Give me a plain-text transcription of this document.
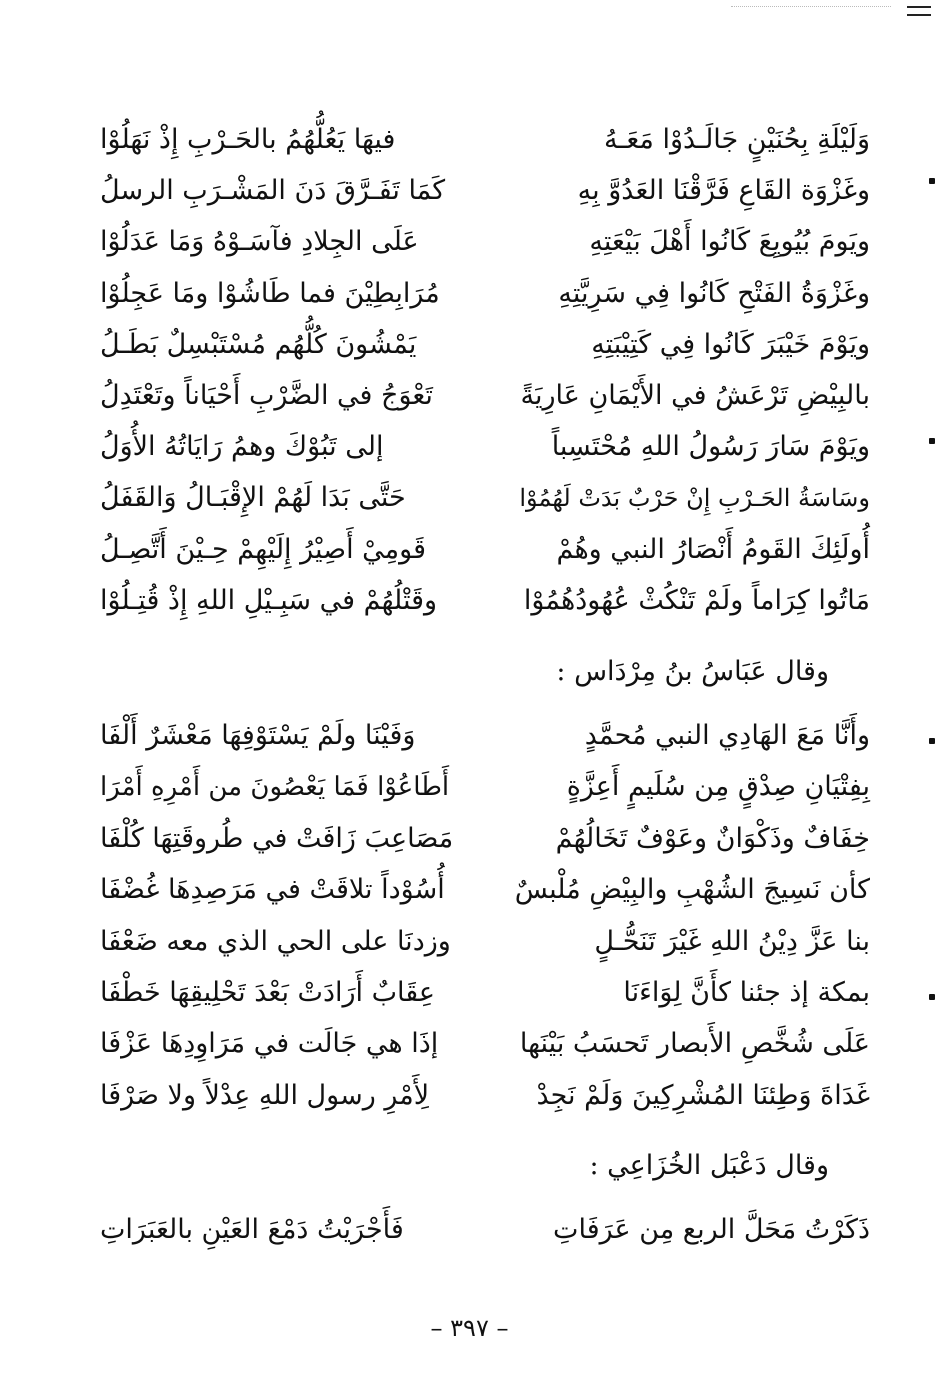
وَلَيْلَةِ بِحُنَيْنٍ جَالَـدُوْا مَعَـهُ
فيهَا يَعُلُّهُمُ بالحَـرْبِ إِذْ نَهَلُوْا
وغَزْوَة القَاعِ فَرَّقْنَا العَدُوَّ بِهِ
كَمَا تَفَـرَّقَ دَنَ المَشْـرَبِ الرسلُ
ويَومَ بُيُويِعَ كَانُوا أَهْلَ بَيْعَتِهِ
عَلَى الجِلادِ فآسَـوْهُ وَمَا عَدَلُوْا
وغَزْوَةُ الفَتْحِ كَانُوا فِي سَرِيَّتِهِ
مُرَابِطِيْنَ فما طَاشُوْا ومَا عَجِلُوْا
ويَوْمَ خَيْبَرَ كَانُوا فِي كَتِيْبَتِهِ
يَمْشُونَ كُلُّهُم مُسْتَبْسِلٌ بَطَـلُ
بالبِيْضِ تَرْعَشُ في الأَيْمَانِ عَارِيَةً
تَعْوَجُ في الضَّرْبِ أَحْيَاناً وتَعْتَدِلُ
ويَوْمَ سَارَ رَسُولُ اللهِ مُحْتَسِباً
إلى تَبُوْكَ وهمُ رَايَاتُهُ الأُوَلُ
وسَاسَةُ الحَـرْبِ إِنْ حَرْبٌ بَدَتْ لَهُمُوْا
حَتَّى بَدَا لَهُمْ الإِقْبَـالُ وَالقَفَلُ
أُولَئِكَ القَومُ أَنْصَارُ النبي وهُمْ
قَومِيْ أَصِيْرُ إِلَيْهِمْ حِـيْنَ أَتَّصِـلُ
مَاتُوا كِرَاماً ولَمْ تَنْكُثْ عُهُودُهُمُوْا
وقَتْلُهُمْ في سَبِـيْلِ اللهِ إِذْ قُتِـلُوْا
وقال عَبَاسُ بنُ مِرْدَاس :
وأَنَّا مَعَ الهَادِي النبي مُحمَّدٍ
وَفَيْنَا ولَمْ يَسْتَوْفِهَا مَعْشَرٌ أَلْفَا
بِفِتْيَانِ صِدْقٍ مِن سُلَيمٍ أَعِزَّةٍ
أَطَاعُوْا فَمَا يَعْصُونَ من أَمْرِهِ أَمْرَا
خِفَافٌ وذَكْوَانٌ وعَوْفٌ تَخَالُهُمْ
مَصَاعِبَ زَافَتْ في طُروقَتِهَا كُلْفَا
كأن نَسِيجَ الشُهْبِ والبِيْضِ مُلْبسٌ
أُسُوْداً تلاقَتْ في مَرَصِدِهَا غُضْفَا
بنا عَزَّ دِيْنُ اللهِ غَيْرَ تَنَحُّـلٍ
وزدنَا على الحي الذي معه ضَعْفَا
بمكة إذ جئنا كأَنَّ لِوَاءَنَا
عِقَابٌ أَرَادَتْ بَعْدَ تَحْلِيقِهَا خَطْفَا
عَلَى شُخَّصِ الأَبصار تَحسَبُ بَيْنَها
إذَا هي جَالَت في مَرَاوِدِهَا عَزْفَا
غَدَاةَ وَطِئنَا المُشْرِكِينَ وَلَمْ نَجِدْ
لِأَمْرِ رسول اللهِ عِدْلاً ولا صَرْفَا
وقال دَعْبَل الخُزَاعِي :
ذَكَرْتُ مَحَلَّ الربع مِن عَرَفَاتِ
فَأَجْرَيْتُ دَمْعَ العَيْنِ بالعَبَرَاتِ
– ٣٩٧ –
